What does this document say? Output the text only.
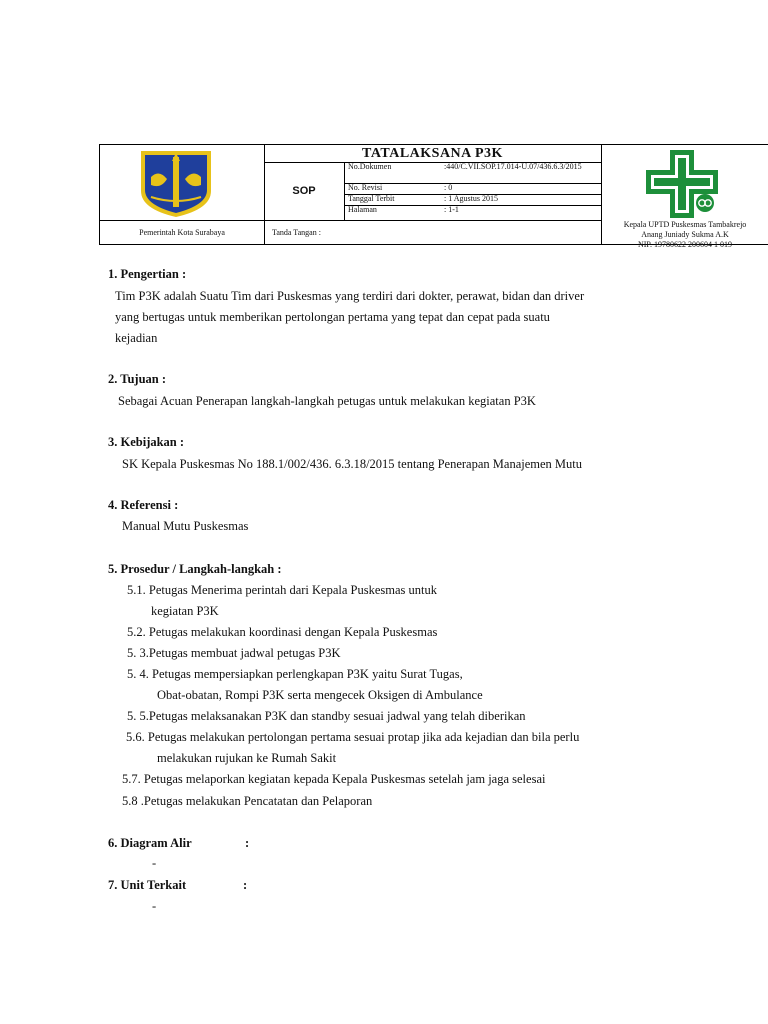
TATALAKSANA P3K
SOP
No.Dokumen	:440/C.VII.SOP.17.014-U.07/436.6.3/2015
No. Revisi	: 0
Tanggal Terbit	: 1 Agustus 2015
Halaman	: 1-1
Pemerintah Kota Surabaya	Tanda Tangan :
Kepala UPTD Puskesmas Tambakrejo
Anang Juniady Sukma A.K
NIP. 19780622 200604 1 019
1. Pengertian :
Tim P3K adalah Suatu Tim dari Puskesmas yang terdiri dari dokter, perawat, bidan dan driver
yang bertugas untuk memberikan pertolongan pertama yang tepat dan cepat pada suatu
kejadian
2. Tujuan :
Sebagai Acuan Penerapan langkah-langkah petugas untuk melakukan kegiatan P3K
3. Kebijakan :
SK Kepala Puskesmas No 188.1/002/436. 6.3.18/2015 tentang Penerapan Manajemen Mutu
4. Referensi :
Manual Mutu Puskesmas
5. Prosedur / Langkah-langkah :
5.1. Petugas Menerima perintah dari Kepala Puskesmas untuk
kegiatan P3K
5.2. Petugas melakukan koordinasi dengan Kepala Puskesmas
5. 3.Petugas membuat jadwal petugas P3K
5. 4. Petugas mempersiapkan perlengkapan P3K yaitu Surat Tugas,
Obat-obatan, Rompi P3K serta mengecek Oksigen di Ambulance
5. 5.Petugas melaksanakan P3K dan standby sesuai jadwal yang telah diberikan
5.6. Petugas melakukan pertolongan pertama sesuai protap jika ada kejadian dan bila perlu
melakukan rujukan ke Rumah Sakit
5.7. Petugas melaporkan kegiatan kepada Kepala Puskesmas setelah jam jaga selesai
5.8 .Petugas melakukan Pencatatan dan Pelaporan
6. Diagram Alir	:
-
7. Unit Terkait	:
-
